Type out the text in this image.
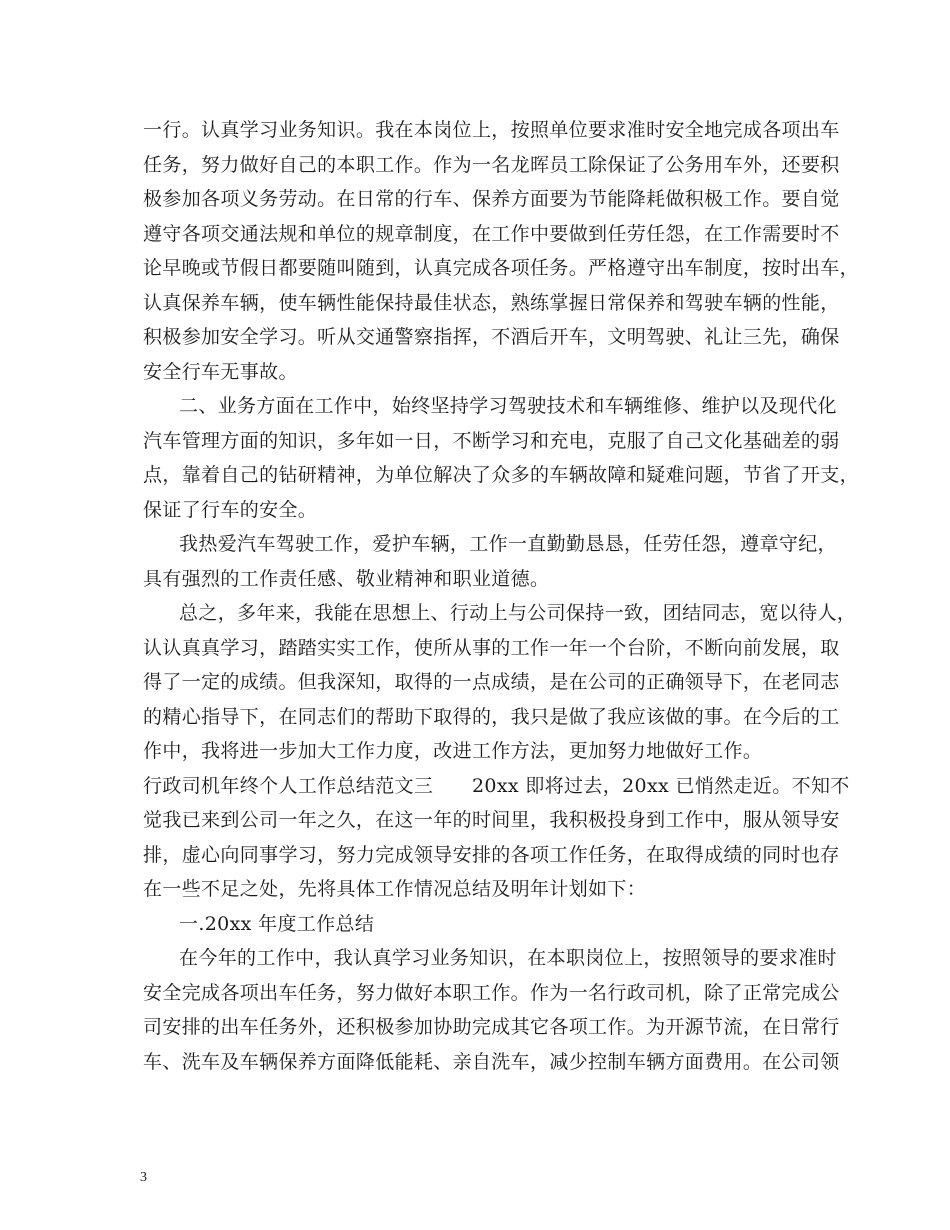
一行。认真学习业务知识。我在本岗位上，按照单位要求准时安全地完成各项出车
任务，努力做好自己的本职工作。作为一名龙晖员工除保证了公务用车外，还要积
极参加各项义务劳动。在日常的行车、保养方面要为节能降耗做积极工作。要自觉
遵守各项交通法规和单位的规章制度，在工作中要做到任劳任怨，在工作需要时不
论早晚或节假日都要随叫随到，认真完成各项任务。严格遵守出车制度，按时出车，
认真保养车辆，使车辆性能保持最佳状态，熟练掌握日常保养和驾驶车辆的性能，
积极参加安全学习。听从交通警察指挥，不酒后开车，文明驾驶、礼让三先，确保
安全行车无事故。
二、业务方面在工作中，始终坚持学习驾驶技术和车辆维修、维护以及现代化
汽车管理方面的知识，多年如一日，不断学习和充电，克服了自己文化基础差的弱
点，靠着自己的钻研精神，为单位解决了众多的车辆故障和疑难问题，节省了开支，
保证了行车的安全。
我热爱汽车驾驶工作，爱护车辆，工作一直勤勤恳恳，任劳任怨，遵章守纪，
具有强烈的工作责任感、敬业精神和职业道德。
总之，多年来，我能在思想上、行动上与公司保持一致，团结同志，宽以待人，
认认真真学习，踏踏实实工作，使所从事的工作一年一个台阶，不断向前发展，取
得了一定的成绩。但我深知，取得的一点成绩，是在公司的正确领导下，在老同志
的精心指导下，在同志们的帮助下取得的，我只是做了我应该做的事。在今后的工
作中，我将进一步加大工作力度，改进工作方法，更加努力地做好工作。
行政司机年终个人工作总结范文三　　20xx 即将过去，20xx 已悄然走近。不知不
觉我已来到公司一年之久，在这一年的时间里，我积极投身到工作中，服从领导安
排，虚心向同事学习，努力完成领导安排的各项工作任务，在取得成绩的同时也存
在一些不足之处，先将具体工作情况总结及明年计划如下：
一.20xx 年度工作总结
在今年的工作中，我认真学习业务知识，在本职岗位上，按照领导的要求准时
安全完成各项出车任务，努力做好本职工作。作为一名行政司机，除了正常完成公
司安排的出车任务外，还积极参加协助完成其它各项工作。为开源节流，在日常行
车、洗车及车辆保养方面降低能耗、亲自洗车，减少控制车辆方面费用。在公司领
3
